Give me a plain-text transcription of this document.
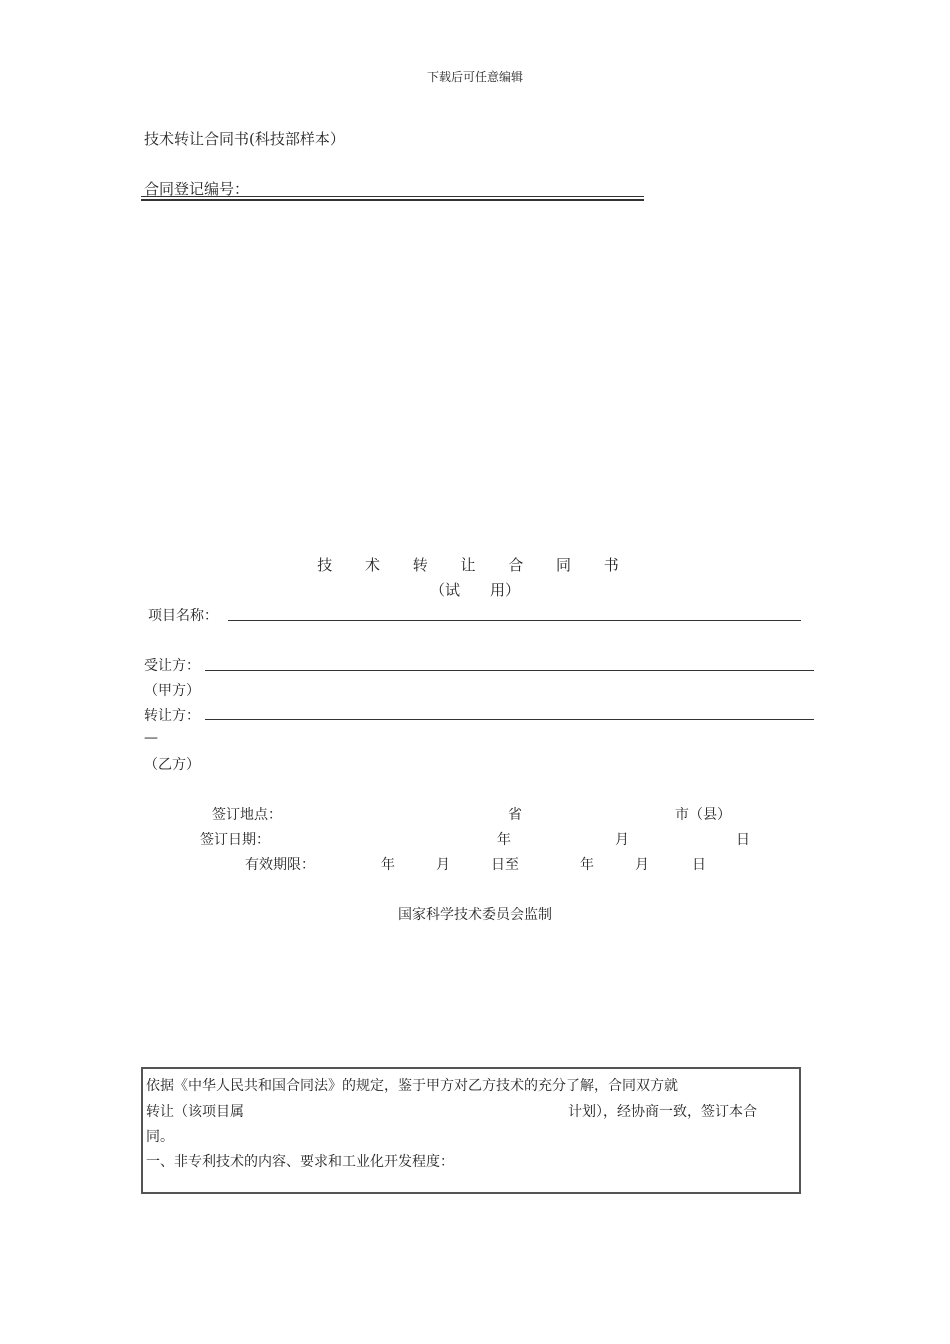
下载后可任意编辑
技术转让合同书(科技部样本）
合同登记编号：
技 术 转 让 合 同 书
（试　　用）
项目名称：
受让方：
（甲方）
转让方：
—
（乙方）
签订地点：	省	市（县）
签订日期：	年	月	日
有效期限：	年	月	日至	年	月	日
国家科学技术委员会监制
依据《中华人民共和国合同法》的规定，鉴于甲方对乙方技术的充分了解，合同双方就
转让（该项目属	计划），经协商一致，签订本合
同。
一、非专利技术的内容、要求和工业化开发程度：
